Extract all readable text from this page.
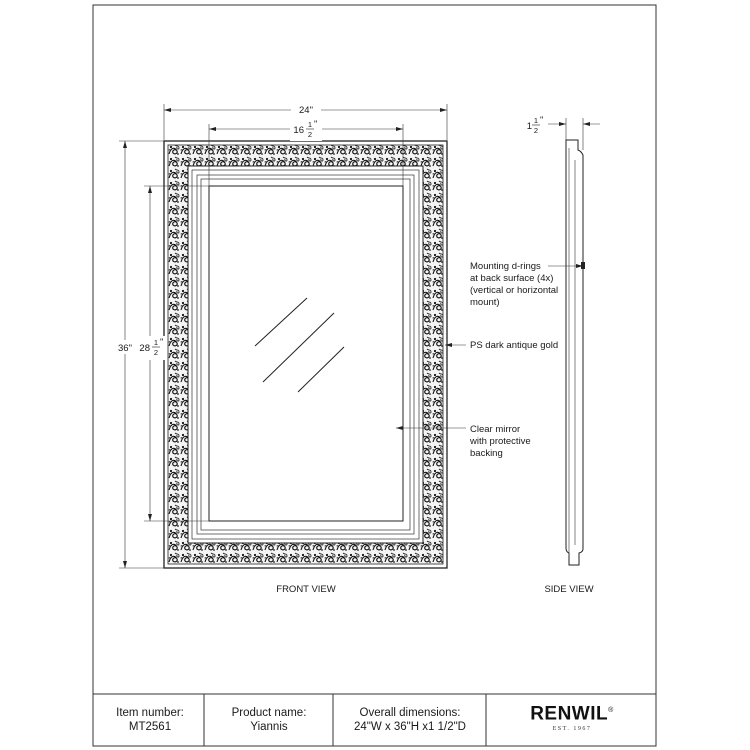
24"
16
1
2
"
36" 28
1
2
"
FRONT VIEW
1
1
2
"
SIDE VIEW
Mounting d-rings
at back surface (4x)
(vertical or horizontal
mount)
PS dark antique gold
Clear mirror
with protective
backing
Item number:
MT2561
Product name:
Yiannis
Overall dimensions:
24"W x 36"H x1 1/2"D
RENWIL®
EST. 1967
